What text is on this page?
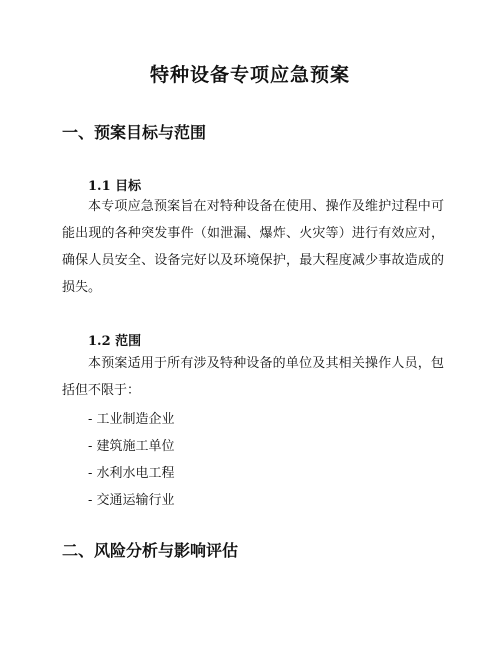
特种设备专项应急预案
一、预案目标与范围
1.1 目标
本专项应急预案旨在对特种设备在使用、操作及维护过程中可能出现的各种突发事件（如泄漏、爆炸、火灾等）进行有效应对，确保人员安全、设备完好以及环境保护，最大程度减少事故造成的损失。
1.2 范围
本预案适用于所有涉及特种设备的单位及其相关操作人员，包括但不限于：
- 工业制造企业
- 建筑施工单位
- 水利水电工程
- 交通运输行业
二、风险分析与影响评估
